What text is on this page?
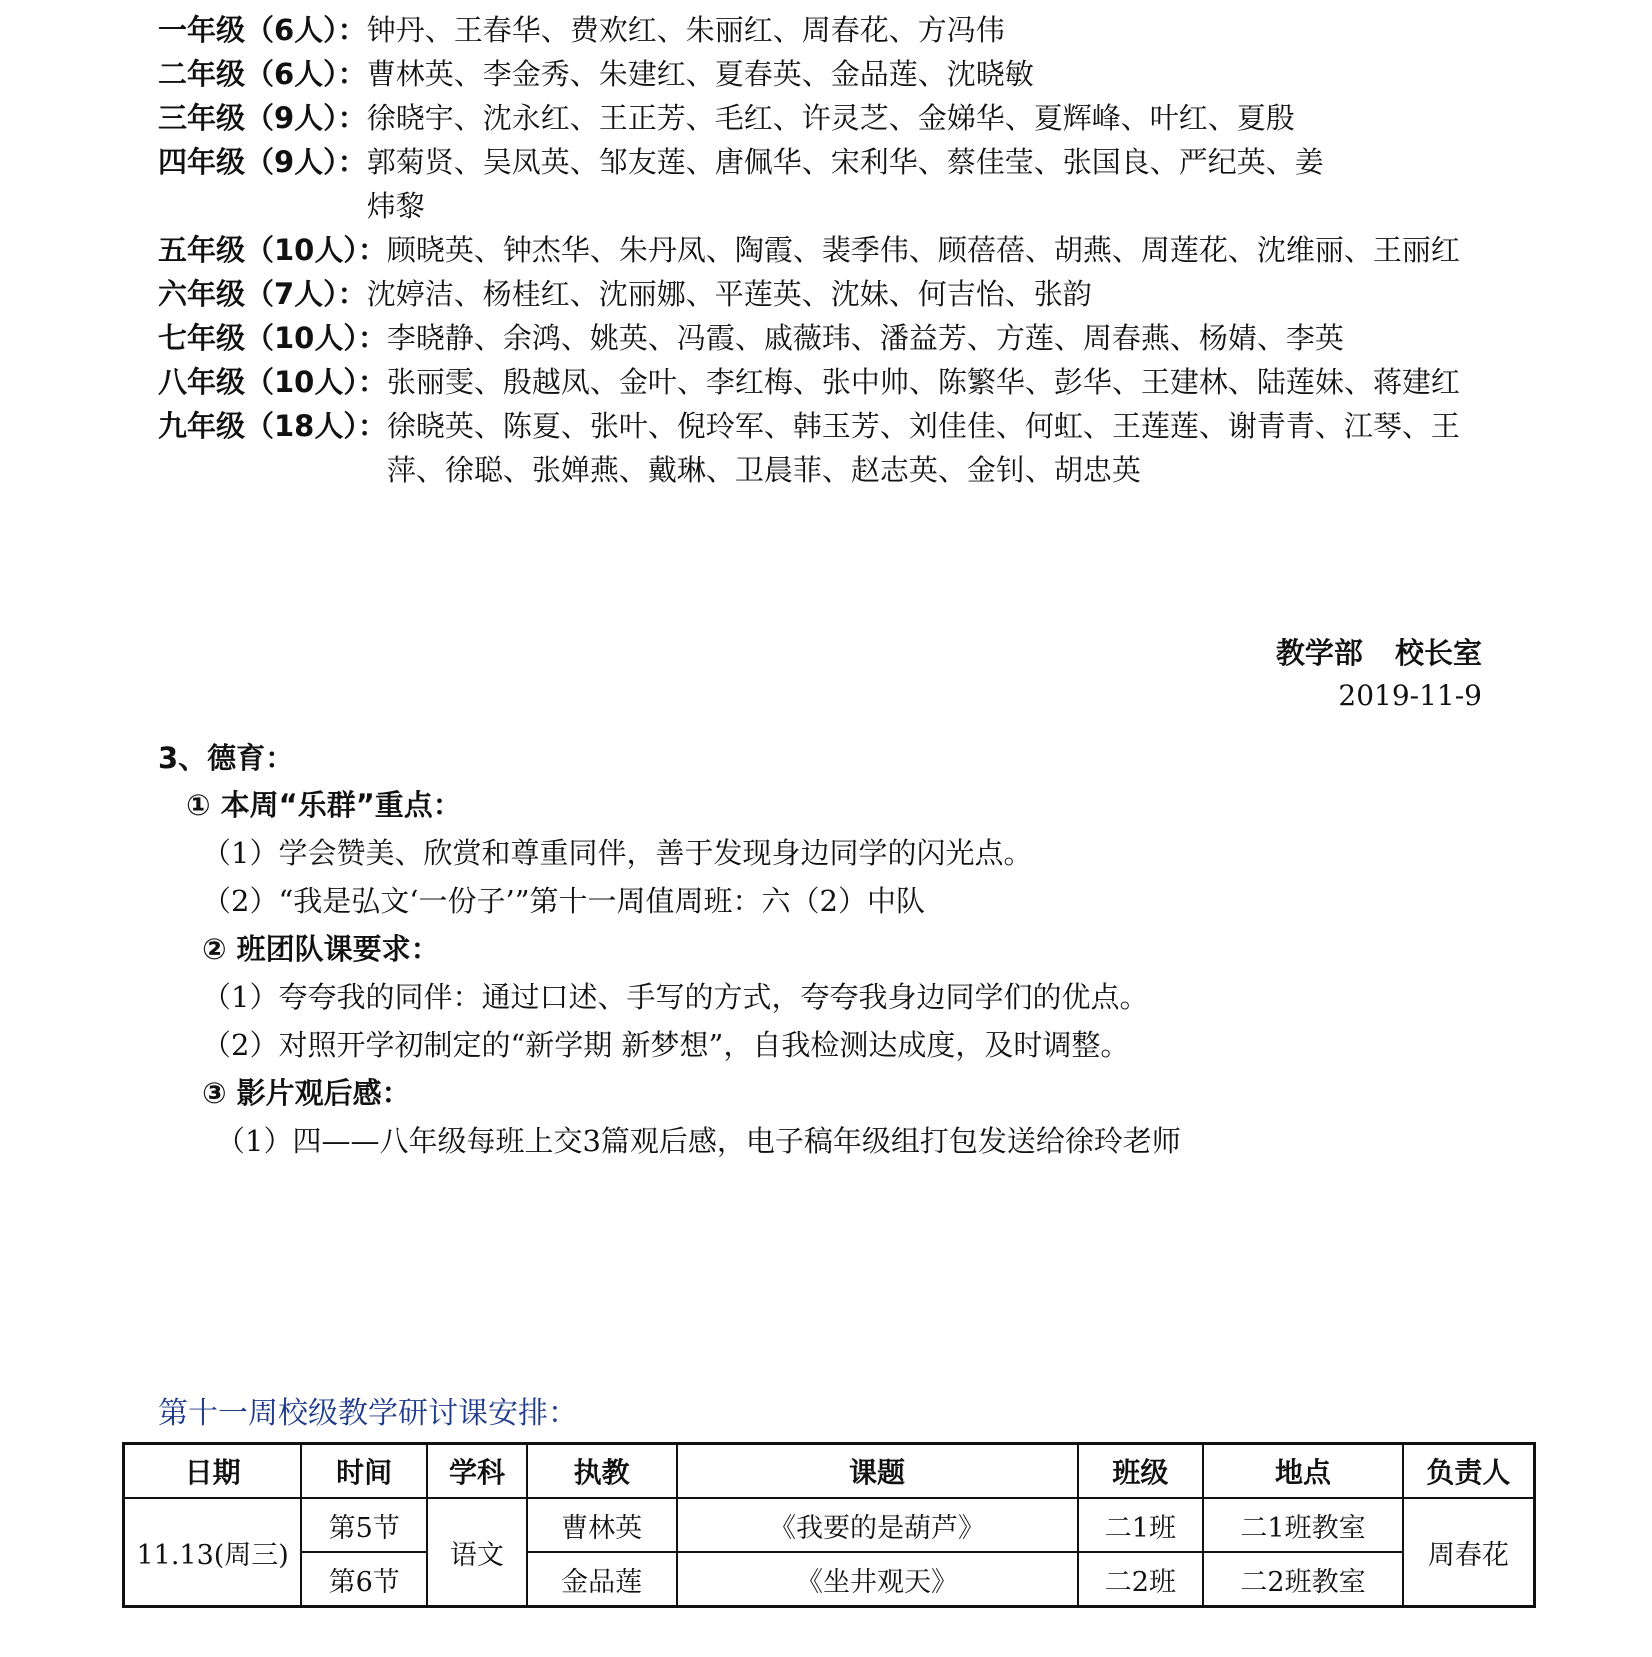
一年级（6人）： 钟丹、王春华、费欢红、朱丽红、周春花、方冯伟
二年级（6人）： 曹林英、李金秀、朱建红、夏春英、金品莲、沈晓敏
三年级（9人）： 徐晓宇、沈永红、王正芳、毛红、许灵芝、金娣华、夏辉峰、叶红、夏殷
四年级（9人）： 郭菊贤、吴凤英、邹友莲、唐佩华、宋利华、蔡佳莹、张国良、严纪英、姜炜黎
五年级（10人）： 顾晓英、钟杰华、朱丹凤、陶霞、裴季伟、顾蓓蓓、胡燕、周莲花、沈维丽、王丽红
六年级（7人）： 沈婷洁、杨桂红、沈丽娜、平莲英、沈妹、何吉怡、张韵
七年级（10人）： 李晓静、余鸿、姚英、冯霞、戚薇玮、潘益芳、方莲、周春燕、杨婧、李英
八年级（10人）： 张丽雯、殷越凤、金叶、李红梅、张中帅、陈繁华、彭华、王建林、陆莲妹、蒋建红
九年级（18人）： 徐晓英、陈夏、张叶、倪玲军、韩玉芳、刘佳佳、何虹、王莲莲、谢青青、江琴、王萍、徐聪、张婵燕、戴琳、卫晨菲、赵志英、金钊、胡忠英
教学部 校长室
2019-11-9
3、德育：
① 本周“乐群”重点：
（1）学会赞美、欣赏和尊重同伴，善于发现身边同学的闪光点。
（2）“我是弘文‘一份子’”第十一周值周班：六（2）中队
② 班团队课要求：
（1）夸夸我的同伴：通过口述、手写的方式，夸夸我身边同学们的优点。
（2）对照开学初制定的“新学期 新梦想”，自我检测达成度，及时调整。
③ 影片观后感：
（1）四——八年级每班上交3篇观后感，电子稿年级组打包发送给徐玲老师
第十一周校级教学研讨课安排：
日期	时间	学科	执教	课题	班级	地点	负责人
11.13(周三)	第5节	语文	曹林英	《我要的是葫芦》	二1班	二1班教室	周春花
	第6节		金品莲	《坐井观天》	二2班	二2班教室	
